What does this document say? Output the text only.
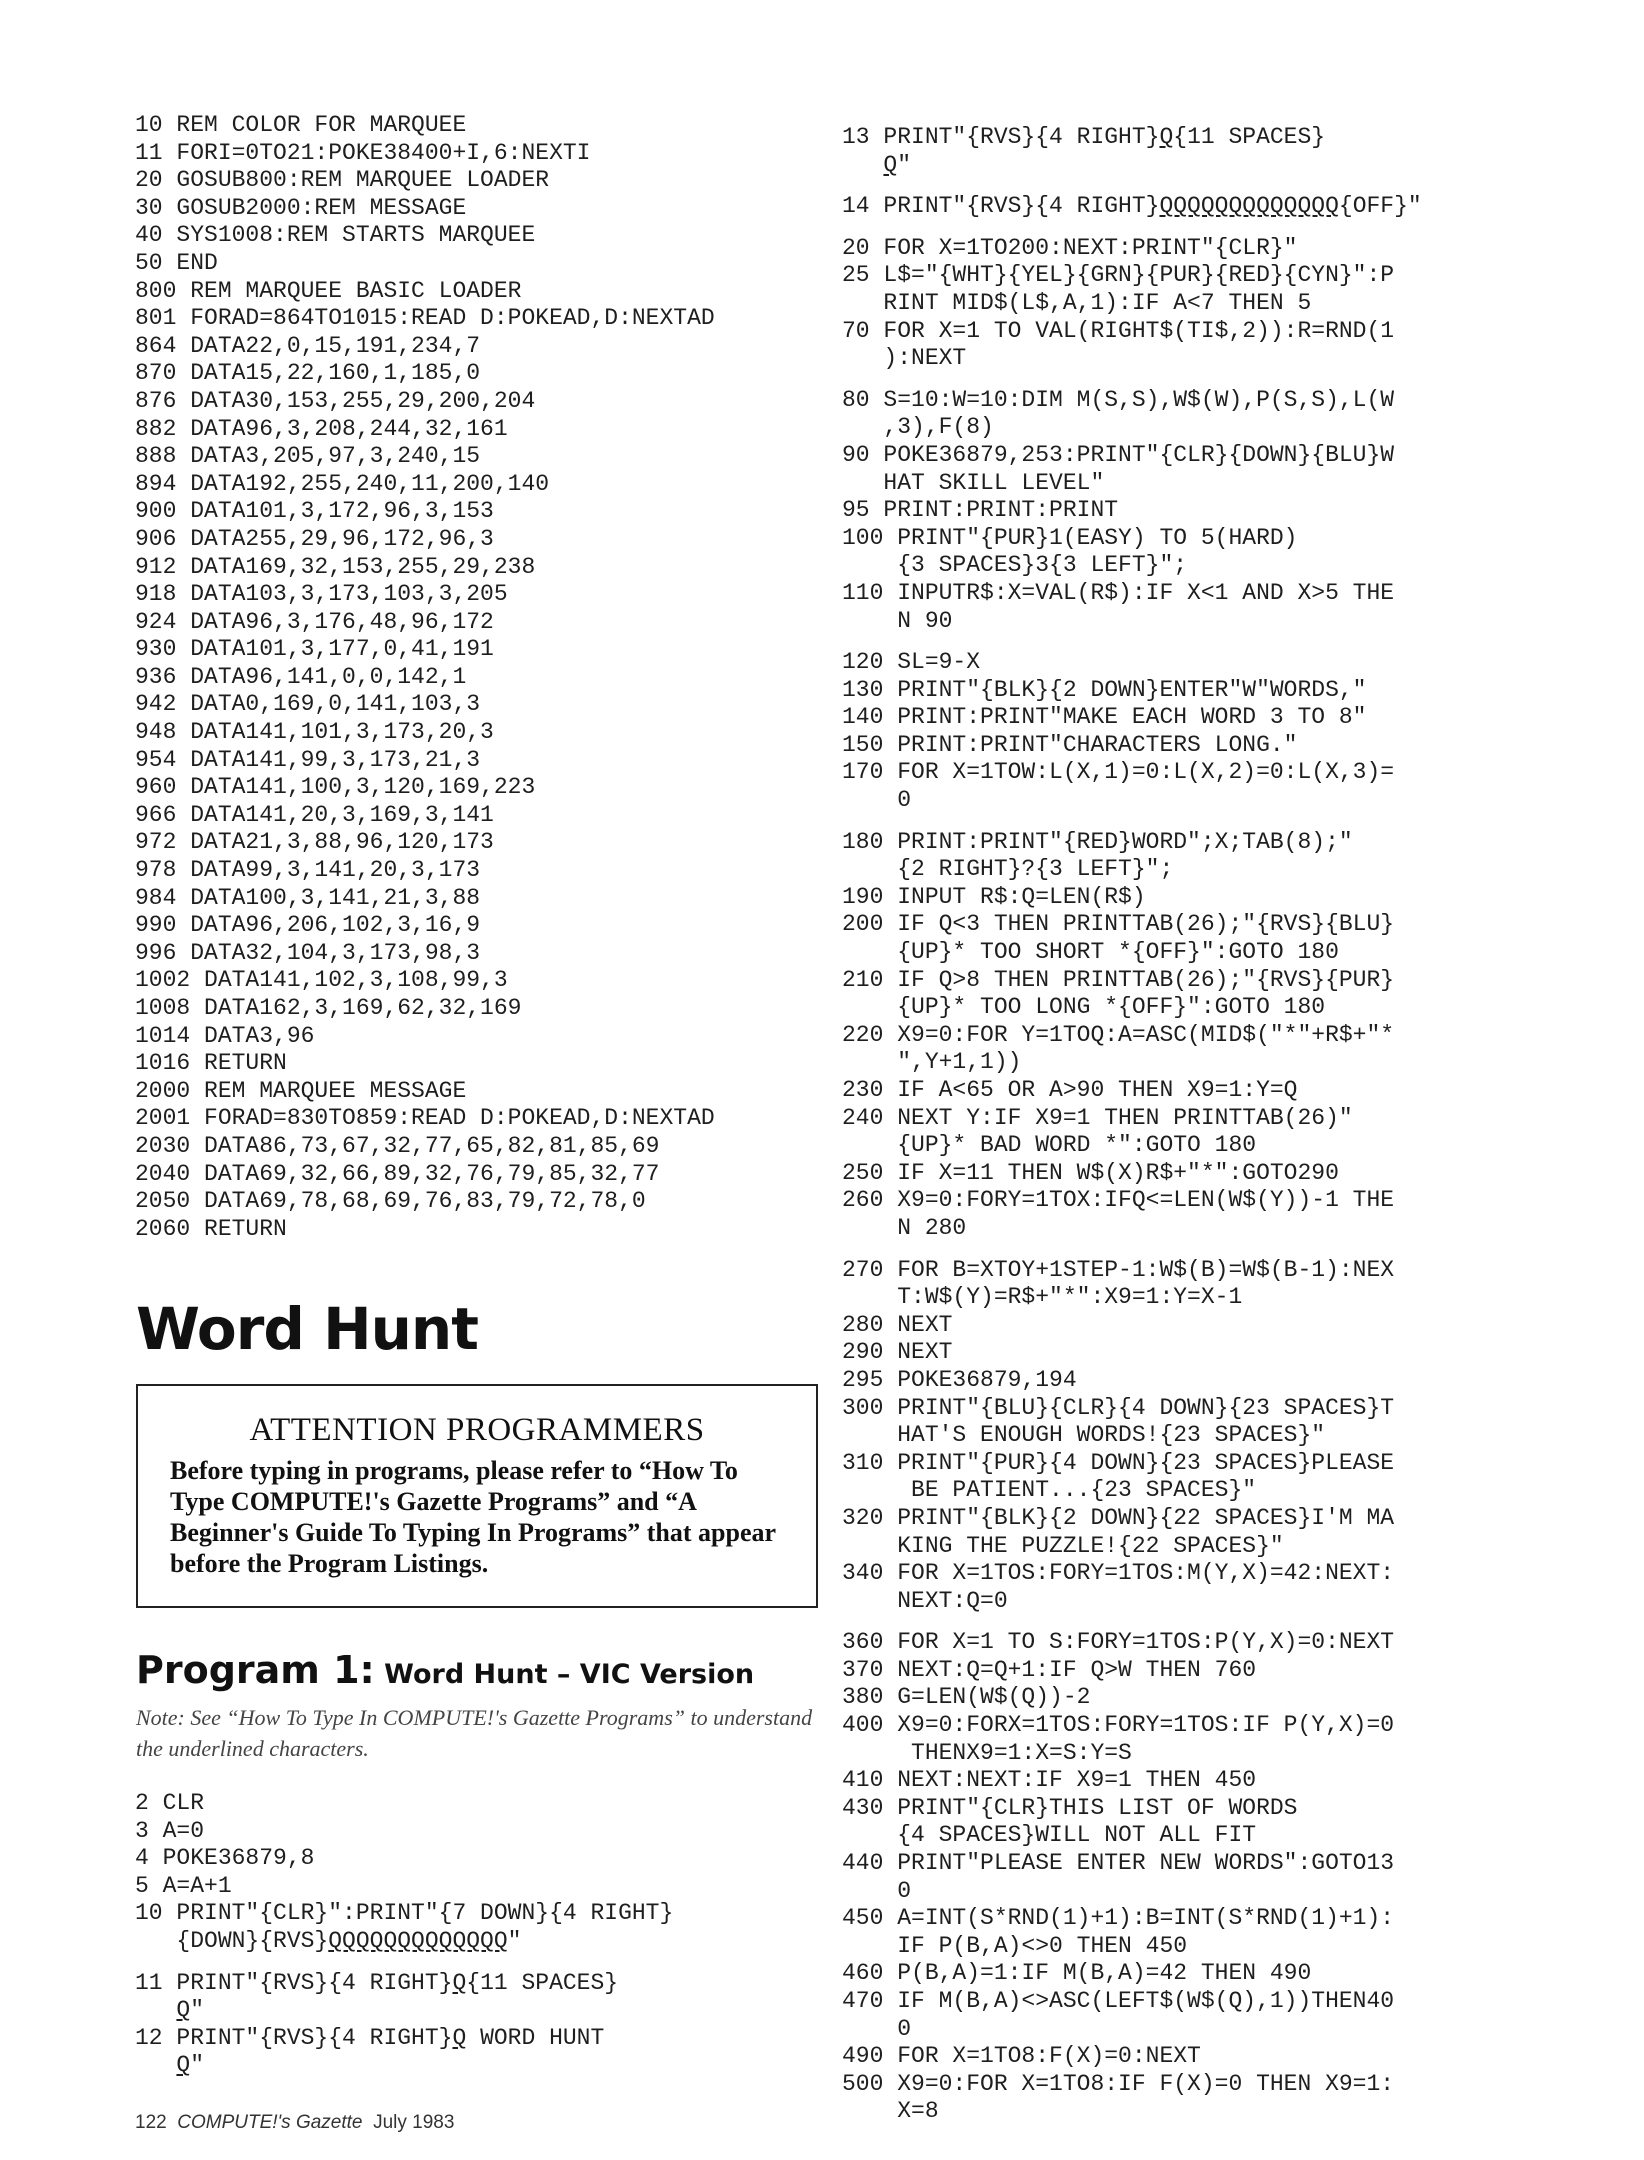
10 REM COLOR FOR MARQUEE
11 FORI=0TO21:POKE38400+I,6:NEXTI
20 GOSUB800:REM MARQUEE LOADER
30 GOSUB2000:REM MESSAGE
40 SYS1008:REM STARTS MARQUEE
50 END
800 REM MARQUEE BASIC LOADER
801 FORAD=864TO1015:READ D:POKEAD,D:NEXTAD
864 DATA22,0,15,191,234,7
870 DATA15,22,160,1,185,0
876 DATA30,153,255,29,200,204
882 DATA96,3,208,244,32,161
888 DATA3,205,97,3,240,15
894 DATA192,255,240,11,200,140
900 DATA101,3,172,96,3,153
906 DATA255,29,96,172,96,3
912 DATA169,32,153,255,29,238
918 DATA103,3,173,103,3,205
924 DATA96,3,176,48,96,172
930 DATA101,3,177,0,41,191
936 DATA96,141,0,0,142,1
942 DATA0,169,0,141,103,3
948 DATA141,101,3,173,20,3
954 DATA141,99,3,173,21,3
960 DATA141,100,3,120,169,223
966 DATA141,20,3,169,3,141
972 DATA21,3,88,96,120,173
978 DATA99,3,141,20,3,173
984 DATA100,3,141,21,3,88
990 DATA96,206,102,3,16,9
996 DATA32,104,3,173,98,3
1002 DATA141,102,3,108,99,3
1008 DATA162,3,169,62,32,169
1014 DATA3,96
1016 RETURN
2000 REM MARQUEE MESSAGE
2001 FORAD=830TO859:READ D:POKEAD,D:NEXTAD
2030 DATA86,73,67,32,77,65,82,81,85,69
2040 DATA69,32,66,89,32,76,79,85,32,77
2050 DATA69,78,68,69,76,83,79,72,78,0
2060 RETURN
Word Hunt
ATTENTION PROGRAMMERS

Before typing in programs, please refer to “How To Type COMPUTE!'s Gazette Programs” and “A Beginner's Guide To Typing In Programs” that appear before the Program Listings.

Program 1: Word Hunt – VIC Version

Note: See “How To Type In COMPUTE!'s Gazette Programs” to understand the underlined characters.

2 CLR
3 A=0
4 POKE36879,8
5 A=A+1
10 PRINT"{CLR}":PRINT"{7 DOWN}{4 RIGHT}
{DOWN}{RVS}QQQQQQQQQQQQQ"
11 PRINT"{RVS}{4 RIGHT}Q{11 SPACES}
Q"
12 PRINT"{RVS}{4 RIGHT}Q WORD HUNT
Q"
13 PRINT"{RVS}{4 RIGHT}Q{11 SPACES}
Q"
14 PRINT"{RVS}{4 RIGHT}QQQQQQQQQQQQQ{OFF}"
20 FOR X=1TO200:NEXT:PRINT"{CLR}"
25 L$="{WHT}{YEL}{GRN}{PUR}{RED}{CYN}":P
RINT MID$(L$,A,1):IF A<7 THEN 5
70 FOR X=1 TO VAL(RIGHT$(TI$,2)):R=RND(1
):NEXT
80 S=10:W=10:DIM M(S,S),W$(W),P(S,S),L(W
,3),F(8)
90 POKE36879,253:PRINT"{CLR}{DOWN}{BLU}W
HAT SKILL LEVEL"
95 PRINT:PRINT:PRINT
100 PRINT"{PUR}1(EASY) TO 5(HARD)
{3 SPACES}3{3 LEFT}";
110 INPUTR$:X=VAL(R$):IF X<1 AND X>5 THE
N 90
120 SL=9-X
130 PRINT"{BLK}{2 DOWN}ENTER"W"WORDS,"
140 PRINT:PRINT"MAKE EACH WORD 3 TO 8"
150 PRINT:PRINT"CHARACTERS LONG."
170 FOR X=1TOW:L(X,1)=0:L(X,2)=0:L(X,3)=
0
180 PRINT:PRINT"{RED}WORD";X;TAB(8);"
{2 RIGHT}?{3 LEFT}";
190 INPUT R$:Q=LEN(R$)
200 IF Q<3 THEN PRINTTAB(26);"{RVS}{BLU}
{UP}* TOO SHORT *{OFF}":GOTO 180
210 IF Q>8 THEN PRINTTAB(26);"{RVS}{PUR}
{UP}* TOO LONG *{OFF}":GOTO 180
220 X9=0:FOR Y=1TOQ:A=ASC(MID$("*"+R$+"*
",Y+1,1))
230 IF A<65 OR A>90 THEN X9=1:Y=Q
240 NEXT Y:IF X9=1 THEN PRINTTAB(26)"
{UP}* BAD WORD *":GOTO 180
250 IF X=11 THEN W$(X)R$+"*":GOTO290
260 X9=0:FORY=1TOX:IFQ<=LEN(W$(Y))-1 THE
N 280
270 FOR B=XTOY+1STEP-1:W$(B)=W$(B-1):NEX
T:W$(Y)=R$+"*":X9=1:Y=X-1
280 NEXT
290 NEXT
295 POKE36879,194
300 PRINT"{BLU}{CLR}{4 DOWN}{23 SPACES}T
HAT'S ENOUGH WORDS!{23 SPACES}"
310 PRINT"{PUR}{4 DOWN}{23 SPACES}PLEASE
BE PATIENT...{23 SPACES}"
320 PRINT"{BLK}{2 DOWN}{22 SPACES}I'M MA
KING THE PUZZLE!{22 SPACES}"
340 FOR X=1TOS:FORY=1TOS:M(Y,X)=42:NEXT:
NEXT:Q=0
360 FOR X=1 TO S:FORY=1TOS:P(Y,X)=0:NEXT
370 NEXT:Q=Q+1:IF Q>W THEN 760
380 G=LEN(W$(Q))-2
400 X9=0:FORX=1TOS:FORY=1TOS:IF P(Y,X)=0
THENX9=1:X=S:Y=S
410 NEXT:NEXT:IF X9=1 THEN 450
430 PRINT"{CLR}THIS LIST OF WORDS
{4 SPACES}WILL NOT ALL FIT
440 PRINT"PLEASE ENTER NEW WORDS":GOTO13
0
450 A=INT(S*RND(1)+1):B=INT(S*RND(1)+1):
IF P(B,A)<>0 THEN 450
460 P(B,A)=1:IF M(B,A)=42 THEN 490
470 IF M(B,A)<>ASC(LEFT$(W$(Q),1))THEN40
0
490 FOR X=1TO8:F(X)=0:NEXT
500 X9=0:FOR X=1TO8:IF F(X)=0 THEN X9=1:
X=8

122 COMPUTE!'s Gazette July 1983
